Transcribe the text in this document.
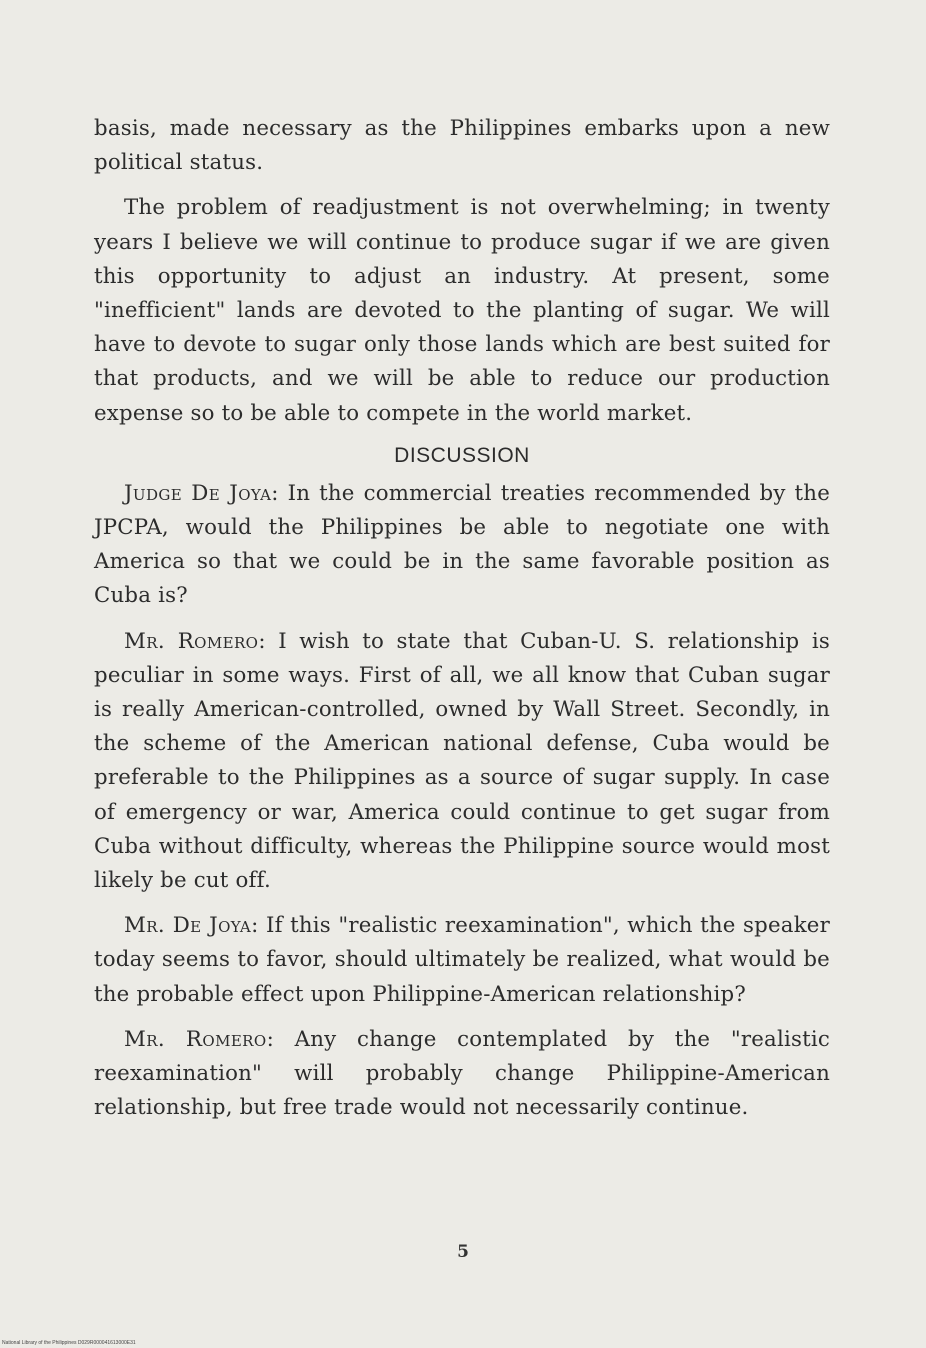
basis, made necessary as the Philippines embarks upon a new political status.

The problem of readjustment is not overwhelming; in twenty years I believe we will continue to produce sugar if we are given this opportunity to adjust an industry. At present, some "inefficient" lands are devoted to the planting of sugar. We will have to devote to sugar only those lands which are best suited for that products, and we will be able to reduce our production expense so to be able to compete in the world market.

DISCUSSION

Judge De Joya: In the commercial treaties recommended by the JPCPA, would the Philippines be able to negotiate one with America so that we could be in the same favorable position as Cuba is?

Mr. Romero: I wish to state that Cuban-U. S. relationship is peculiar in some ways. First of all, we all know that Cuban sugar is really American-controlled, owned by Wall Street. Secondly, in the scheme of the American national defense, Cuba would be preferable to the Philippines as a source of sugar supply. In case of emergency or war, America could continue to get sugar from Cuba without difficulty, whereas the Philippine source would most likely be cut off.

Mr. De Joya: If this "realistic reexamination", which the speaker today seems to favor, should ultimately be realized, what would be the probable effect upon Philippine-American relationship?

Mr. Romero: Any change contemplated by the "realistic reexamination" will probably change Philippine-American relationship, but free trade would not necessarily continue.

5
National Library of the Philippines D029R000041613000E31
